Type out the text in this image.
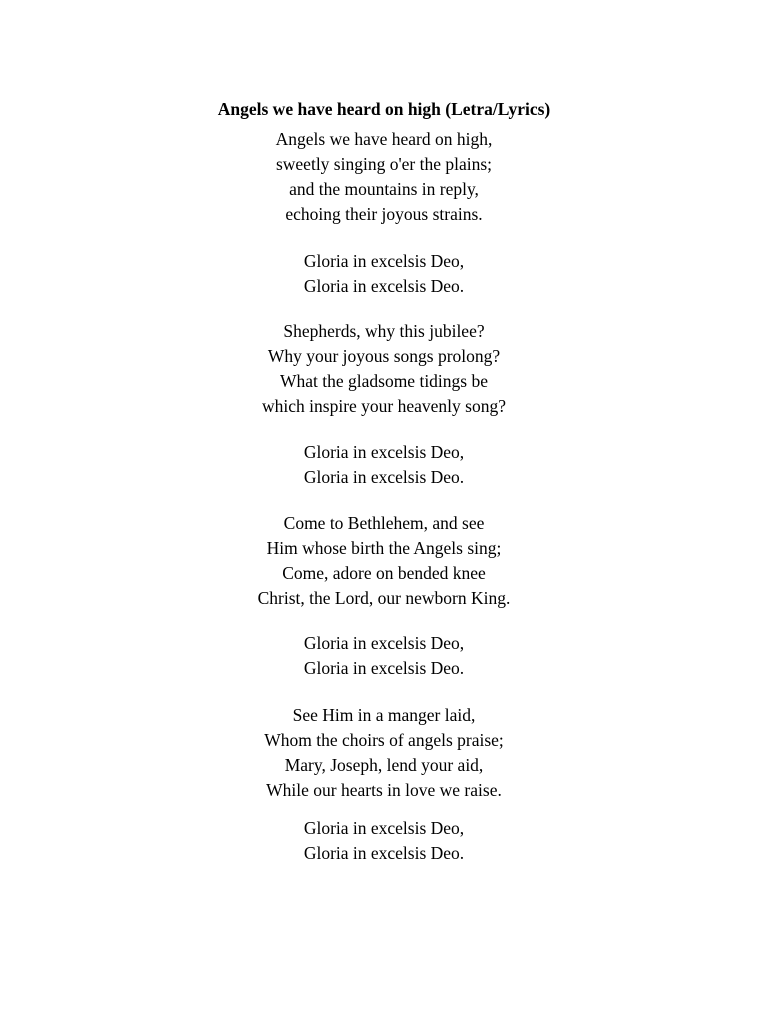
Angels we have heard on high (Letra/Lyrics)
Angels we have heard on high,
sweetly singing o'er the plains;
and the mountains in reply,
echoing their joyous strains.
Gloria in excelsis Deo,
Gloria in excelsis Deo.
Shepherds, why this jubilee?
Why your joyous songs prolong?
What the gladsome tidings be
which inspire your heavenly song?
Gloria in excelsis Deo,
Gloria in excelsis Deo.
Come to Bethlehem, and see
Him whose birth the Angels sing;
Come, adore on bended knee
Christ, the Lord, our newborn King.
Gloria in excelsis Deo,
Gloria in excelsis Deo.
See Him in a manger laid,
Whom the choirs of angels praise;
Mary, Joseph, lend your aid,
While our hearts in love we raise.
Gloria in excelsis Deo,
Gloria in excelsis Deo.
